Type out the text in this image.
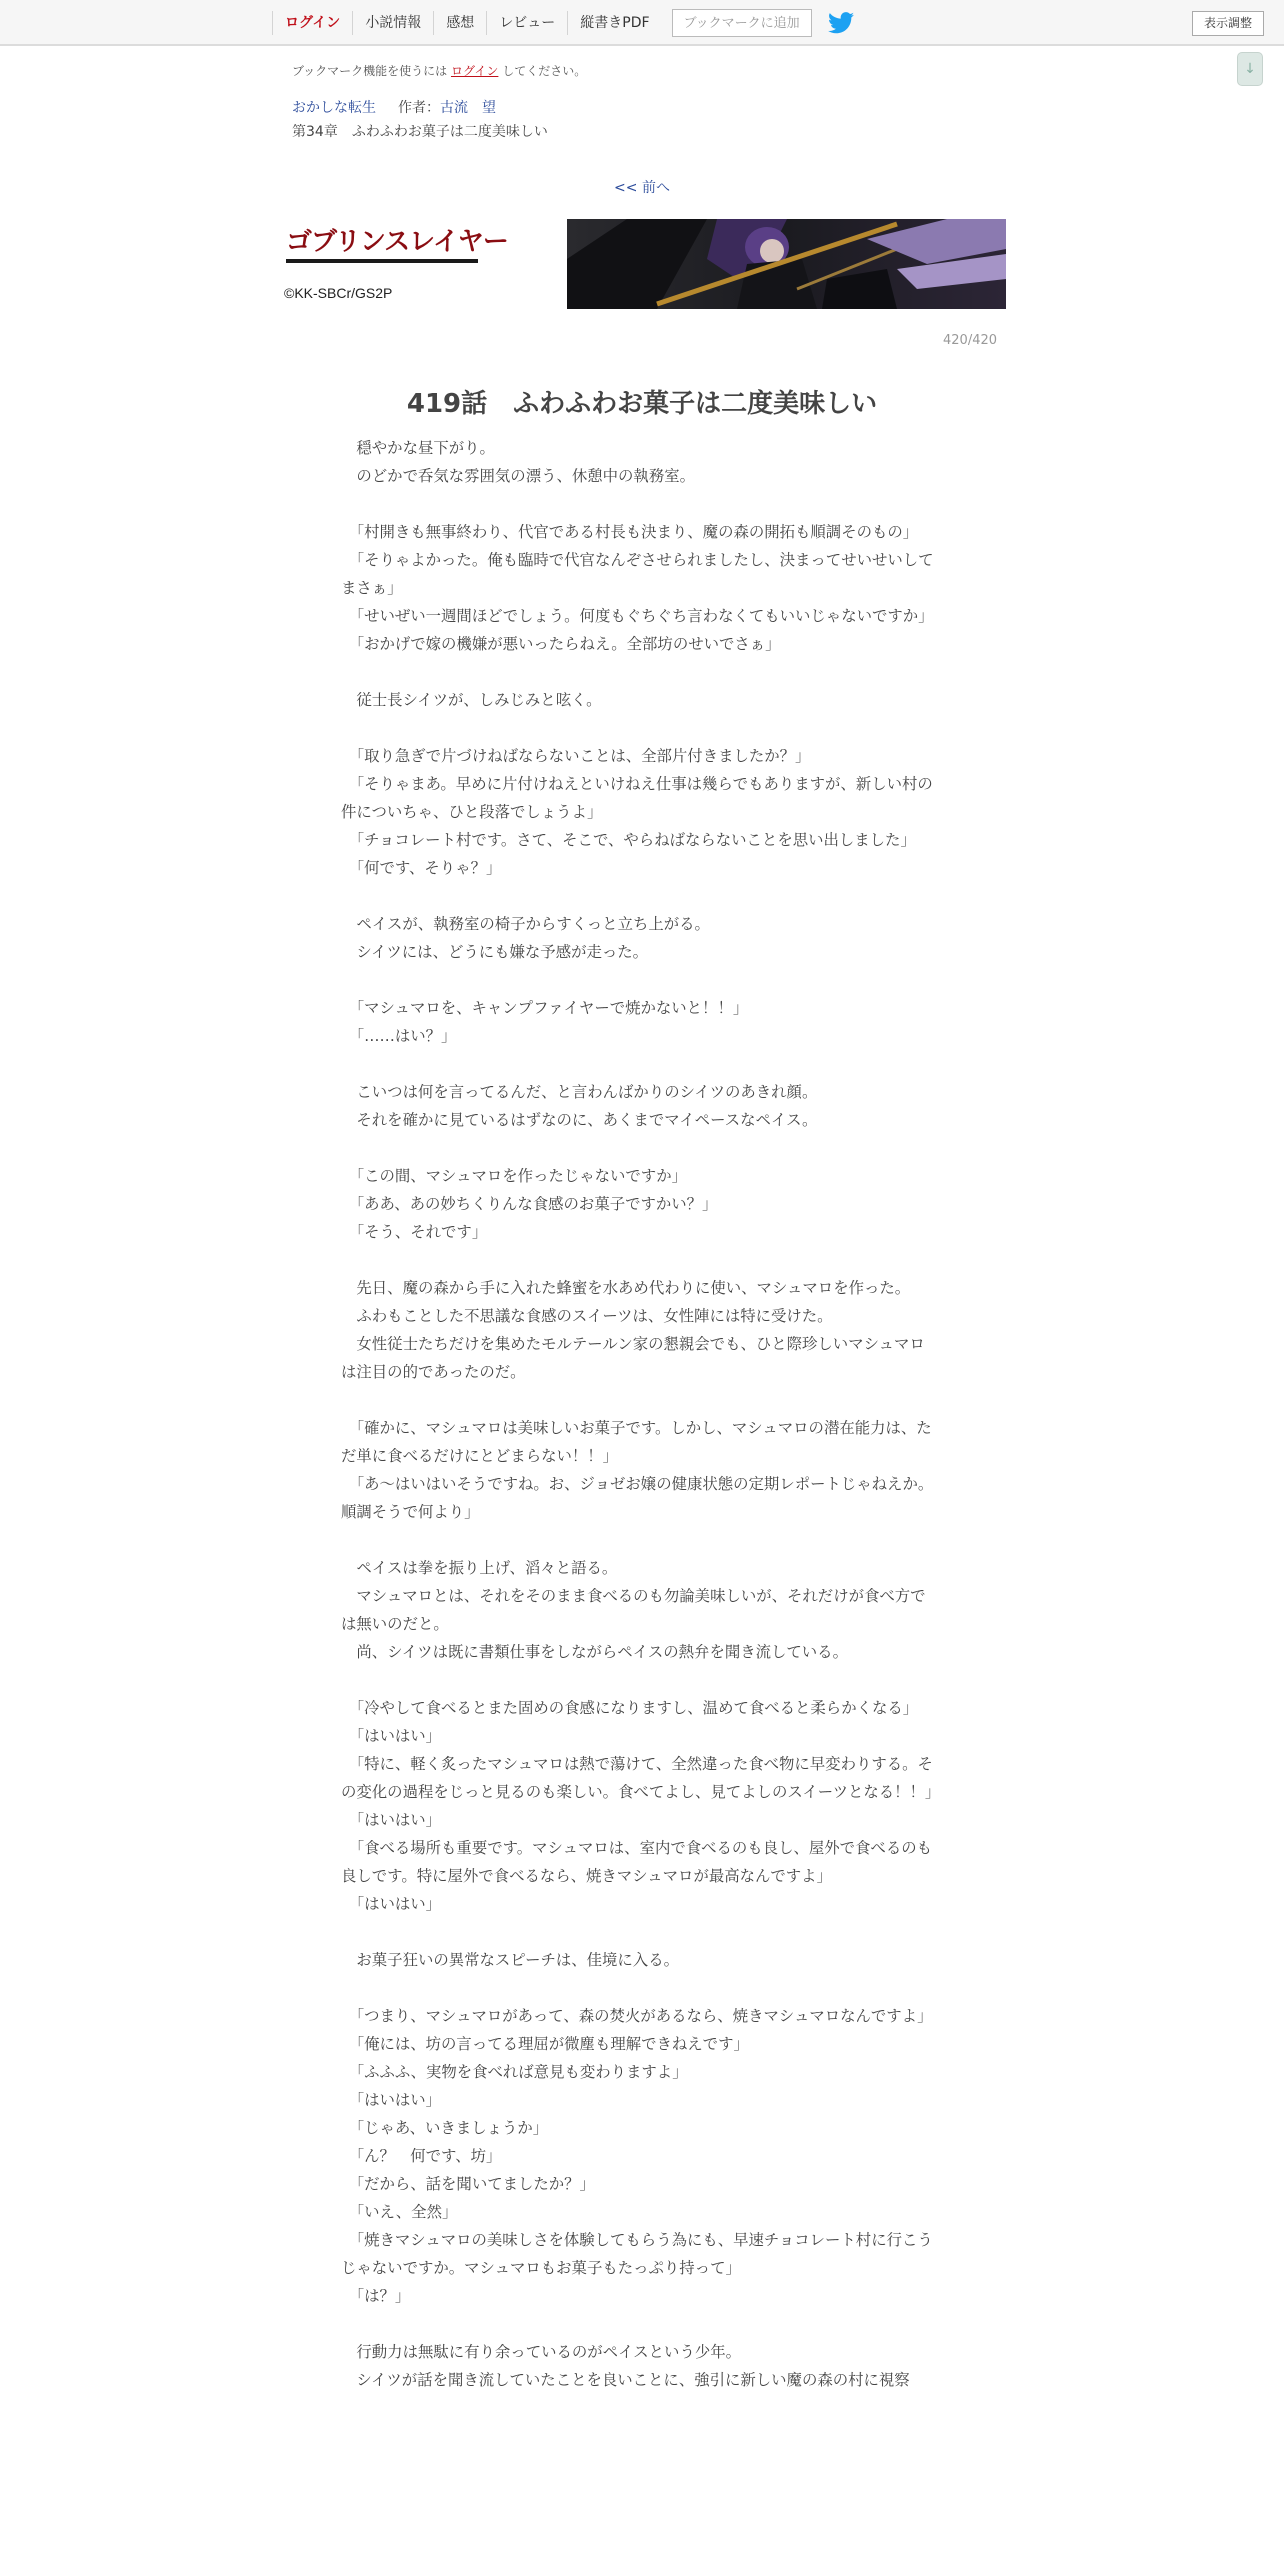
ログイン	小説情報	感想	レビュー	縦書きPDF	ブックマークに追加	表示調整
↓
ブックマーク機能を使うには ログイン してください。
おかしな転生 作者：古流　望
第34章　ふわふわお菓子は二度美味しい
<< 前へ
ゴブリンスレイヤー
©KK-SBCr/GS2P
420/420
419話　ふわふわお菓子は二度美味しい
　穏やかな昼下がり。
　のどかで呑気な雰囲気の漂う、休憩中の執務室。
　「村開きも無事終わり、代官である村長も決まり、魔の森の開拓も順調そのもの」
　「そりゃよかった。俺も臨時で代官なんぞさせられましたし、決まってせいせいしてまさぁ」
　「せいぜい一週間ほどでしょう。何度もぐちぐち言わなくてもいいじゃないですか」
　「おかげで嫁の機嫌が悪いったらねえ。全部坊のせいでさぁ」
　従士長シイツが、しみじみと呟く。
　「取り急ぎで片づけねばならないことは、全部片付きましたか？」
　「そりゃまあ。早めに片付けねえといけねえ仕事は幾らでもありますが、新しい村の件についちゃ、ひと段落でしょうよ」
　「チョコレート村です。さて、そこで、やらねばならないことを思い出しました」
　「何です、そりゃ？」
　ペイスが、執務室の椅子からすくっと立ち上がる。
　シイツには、どうにも嫌な予感が走った。
　「マシュマロを、キャンプファイヤーで焼かないと！！」
　「……はい？」
　こいつは何を言ってるんだ、と言わんばかりのシイツのあきれ顔。
　それを確かに見ているはずなのに、あくまでマイペースなペイス。
　「この間、マシュマロを作ったじゃないですか」
　「ああ、あの妙ちくりんな食感のお菓子ですかい？」
　「そう、それです」
　先日、魔の森から手に入れた蜂蜜を水あめ代わりに使い、マシュマロを作った。
　ふわもことした不思議な食感のスイーツは、女性陣には特に受けた。
　女性従士たちだけを集めたモルテールン家の懇親会でも、ひと際珍しいマシュマロは注目の的であったのだ。
　「確かに、マシュマロは美味しいお菓子です。しかし、マシュマロの潜在能力は、ただ単に食べるだけにとどまらない！！」
　「あ～はいはいそうですね。お、ジョゼお嬢の健康状態の定期レポートじゃねえか。順調そうで何より」
　ペイスは拳を振り上げ、滔々と語る。
　マシュマロとは、それをそのまま食べるのも勿論美味しいが、それだけが食べ方では無いのだと。
　尚、シイツは既に書類仕事をしながらペイスの熱弁を聞き流している。
　「冷やして食べるとまた固めの食感になりますし、温めて食べると柔らかくなる」
　「はいはい」
　「特に、軽く炙ったマシュマロは熱で蕩けて、全然違った食べ物に早変わりする。その変化の過程をじっと見るのも楽しい。食べてよし、見てよしのスイーツとなる！！」
　「はいはい」
　「食べる場所も重要です。マシュマロは、室内で食べるのも良し、屋外で食べるのも良しです。特に屋外で食べるなら、焼きマシュマロが最高なんですよ」
　「はいはい」
　お菓子狂いの異常なスピーチは、佳境に入る。
　「つまり、マシュマロがあって、森の焚火があるなら、焼きマシュマロなんですよ」
　「俺には、坊の言ってる理屈が微塵も理解できねえです」
　「ふふふ、実物を食べれば意見も変わりますよ」
　「はいはい」
　「じゃあ、いきましょうか」
　「ん？　何です、坊」
　「だから、話を聞いてましたか？」
　「いえ、全然」
　「焼きマシュマロの美味しさを体験してもらう為にも、早速チョコレート村に行こうじゃないですか。マシュマロもお菓子もたっぷり持って」
　「は？」
　行動力は無駄に有り余っているのがペイスという少年。
　シイツが話を聞き流していたことを良いことに、強引に新しい魔の森の村に視察
